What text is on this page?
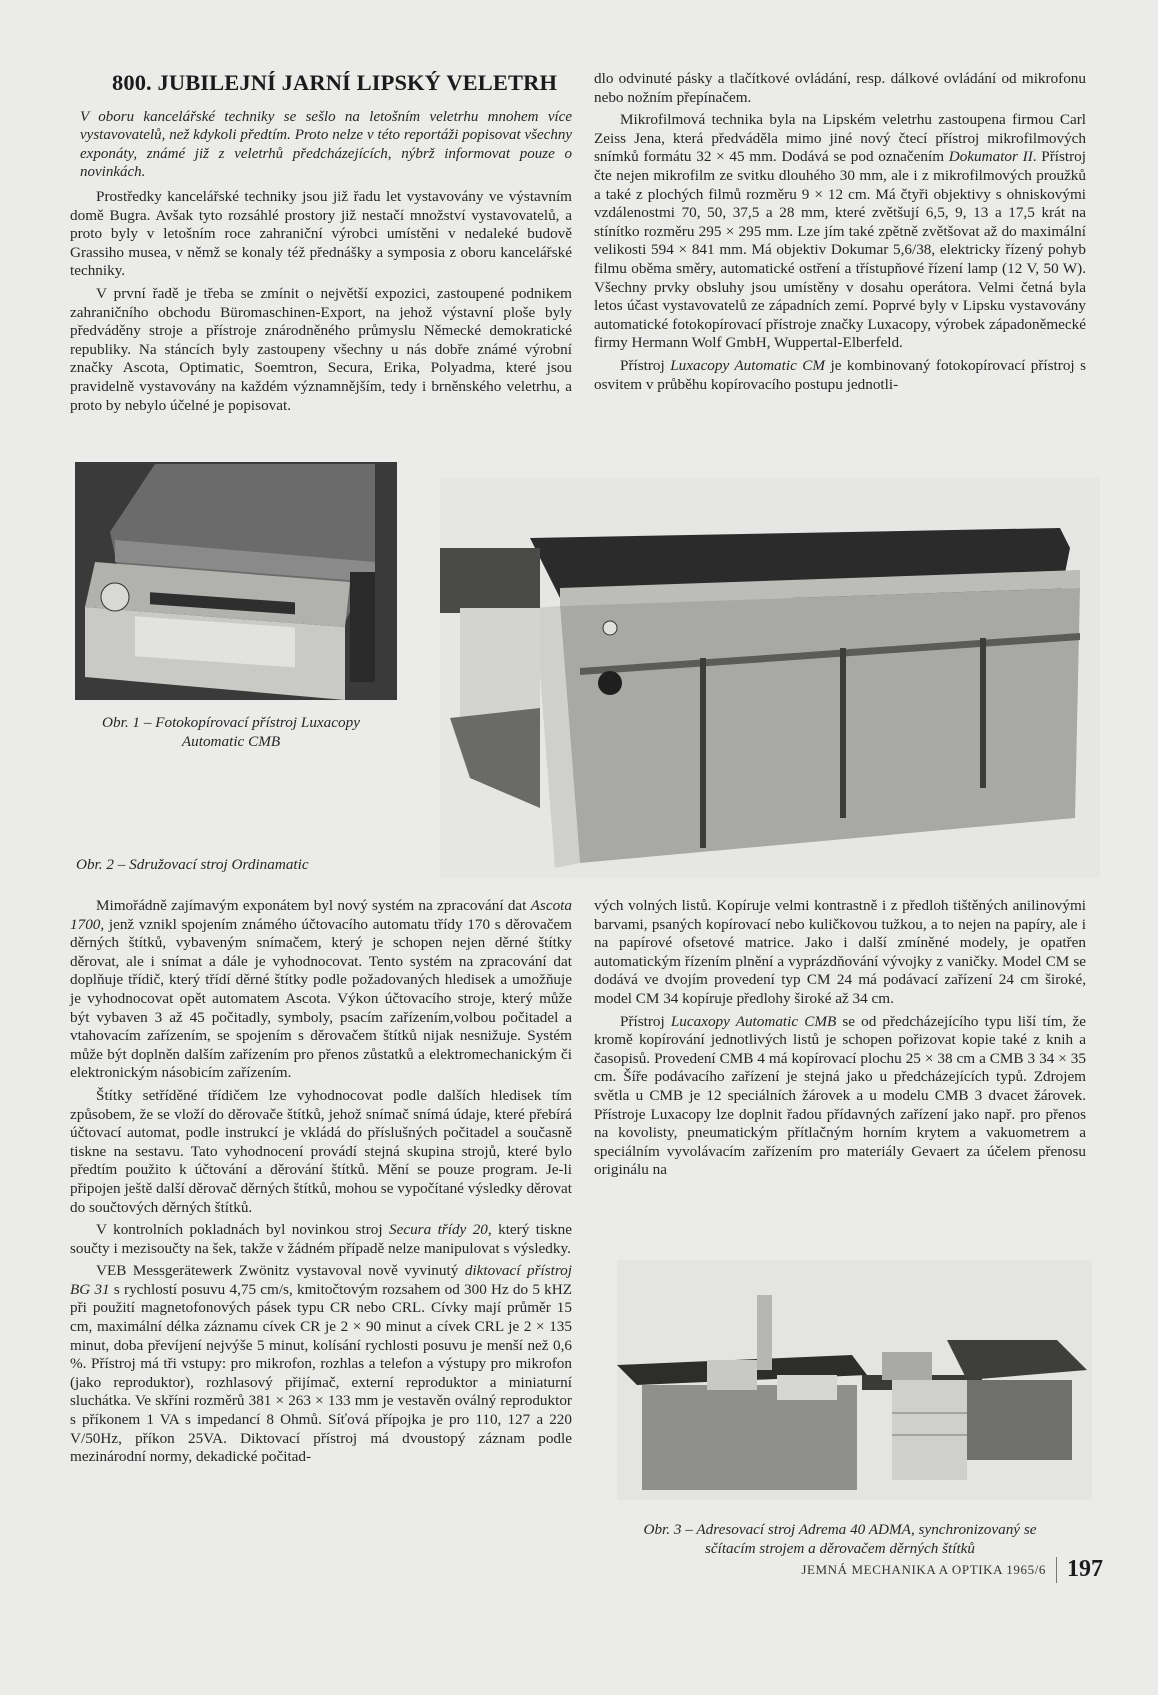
800. JUBILEJNÍ JARNÍ LIPSKÝ VELETRH
V oboru kancelářské techniky se sešlo na letošním veletrhu mnohem více vystavovatelů, než kdykoli předtím. Proto nelze v této reportáži popisovat všechny exponáty, známé již z veletrhů předcházejících, nýbrž informovat pouze o novinkách.

Prostředky kancelářské techniky jsou již řadu let vystavovány ve výstavním domě Bugra. Avšak tyto rozsáhlé prostory již nestačí množství vystavovatelů, a proto byly v letošním roce zahraniční výrobci umístěni v nedaleké budově Grassiho musea, v němž se konaly též přednášky a symposia z oboru kancelářské techniky.

V první řadě je třeba se zmínit o největší expozici, zastoupené podnikem zahraničního obchodu Büromaschinen-Export, na jehož výstavní ploše byly předváděny stroje a přístroje znárodněného průmyslu Německé demokratické republiky. Na stáncích byly zastoupeny všechny u nás dobře známé výrobní značky Ascota, Optimatic, Soemtron, Secura, Erika, Polyadma, které jsou pravidelně vystavovány na každém významnějším, tedy i brněnského veletrhu, a proto by nebylo účelné je popisovat.

dlo odvinuté pásky a tlačítkové ovládání, resp. dálkové ovládání od mikrofonu nebo nožním přepínačem.

Mikrofilmová technika byla na Lipském veletrhu zastoupena firmou Carl Zeiss Jena, která předváděla mimo jiné nový čtecí přístroj mikrofilmových snímků formátu 32 × 45 mm. Dodává se pod označením Dokumator II. Přístroj čte nejen mikrofilm ze svitku dlouhého 30 mm, ale i z mikrofilmových proužků a také z plochých filmů rozměru 9 × 12 cm. Má čtyři objektivy s ohniskovými vzdálenostmi 70, 50, 37,5 a 28 mm, které zvětšují 6,5, 9, 13 a 17,5 krát na stínítko rozměru 295 × 295 mm. Lze jím také zpětně zvětšovat až do maximální velikosti 594 × 841 mm. Má objektiv Dokumar 5,6/38, elektricky řízený pohyb filmu oběma směry, automatické ostření a třístupňové řízení lamp (12 V, 50 W). Všechny prvky obsluhy jsou umístěny v dosahu operátora. Velmi četná byla letos účast vystavovatelů ze západních zemí. Poprvé byly v Lipsku vystavovány automatické fotokopírovací přístroje značky Luxacopy, výrobek západoněmecké firmy Hermann Wolf GmbH, Wuppertal-Elberfeld.

Přístroj Luxacopy Automatic CM je kombinovaný fotokopírovací přístroj s osvitem v průběhu kopírovacího postupu jednotli-

Obr. 1 – Fotokopírovací přístroj Luxacopy
Automatic CMB
Obr. 2 – Sdružovací stroj Ordinamatic

Mimořádně zajímavým exponátem byl nový systém na zpracování dat Ascota 1700, jenž vznikl spojením známého účtovacího automatu třídy 170 s děrovačem děrných štítků, vybaveným snímačem, který je schopen nejen děrné štítky děrovat, ale i snímat a dále je vyhodnocovat. Tento systém na zpracování dat doplňuje třídič, který třídí děrné štítky podle požadovaných hledisek a umožňuje je vyhodnocovat opět automatem Ascota. Výkon účtovacího stroje, který může být vybaven 3 až 45 počitadly, symboly, psacím zařízením,volbou počitadel a vtahovacím zařízením, se spojením s děrovačem štítků nijak nesnižuje. Systém může být doplněn dalším zařízením pro přenos zůstatků a elektromechanickým či elektronickým násobicím zařízením.

Štítky setříděné třídičem lze vyhodnocovat podle dalších hledisek tím způsobem, že se vloží do děrovače štítků, jehož snímač snímá údaje, které přebírá účtovací automat, podle instrukcí je vkládá do příslušných počitadel a současně tiskne na sestavu. Tato vyhodnocení provádí stejná skupina strojů, které bylo předtím použito k účtování a děrování štítků. Mění se pouze program. Je-li připojen ještě další děrovač děrných štítků, mohou se vypočítané výsledky děrovat do součtových děrných štítků.

V kontrolních pokladnách byl novinkou stroj Secura třídy 20, který tiskne součty i mezisoučty na šek, takže v žádném případě nelze manipulovat s výsledky.

VEB Messgerätewerk Zwönitz vystavoval nově vyvinutý diktovací přístroj BG 31 s rychlostí posuvu 4,75 cm/s, kmitočtovým rozsahem od 300 Hz do 5 kHZ při použití magnetofonových pásek typu CR nebo CRL. Cívky mají průměr 15 cm, maximální délka záznamu cívek CR je 2 × 90 minut a cívek CRL je 2 × 135 minut, doba převíjení nejvýše 5 minut, kolísání rychlosti posuvu je menší než 0,6 %. Přístroj má tři vstupy: pro mikrofon, rozhlas a telefon a výstupy pro mikrofon (jako reproduktor), rozhlasový přijímač, externí reproduktor a miniaturní sluchátka. Ve skříni rozměrů 381 × 263 × 133 mm je vestavěn oválný reproduktor s příkonem 1 VA s impedancí 8 Ohmů. Síťová přípojka je pro 110, 127 a 220 V/50Hz, příkon 25VA. Diktovací přístroj má dvoustopý záznam podle mezinárodní normy, dekadické počitad-

vých volných listů. Kopíruje velmi kontrastně i z předloh tištěných anilinovými barvami, psaných kopírovací nebo kuličkovou tužkou, a to nejen na papíry, ale i na papírové ofsetové matrice. Jako i další zmíněné modely, je opatřen automatickým řízením plnění a vyprázdňování vývojky z vaničky. Model CM se dodává ve dvojím provedení typ CM 24 má podávací zařízení 24 cm široké, model CM 34 kopíruje předlohy široké až 34 cm.

Přístroj Lucaxopy Automatic CMB se od předcházejícího typu liší tím, že kromě kopírování jednotlivých listů je schopen pořizovat kopie také z knih a časopisů. Provedení CMB 4 má kopírovací plochu 25 × 38 cm a CMB 3 34 × 35 cm. Šíře podávacího zařízení je stejná jako u předcházejících typů. Zdrojem světla u CMB je 12 speciálních žárovek a u modelu CMB 3 dvacet žárovek. Přístroje Luxacopy lze doplnit řadou přídavných zařízení jako např. pro přenos na kovolisty, pneumatickým přítlačným horním krytem a vakuometrem a speciálním vyvolávacím zařízením pro materiály Gevaert za účelem přenosu originálu na

Obr. 3 – Adresovací stroj Adrema 40 ADMA, synchronizovaný se
sčítacím strojem a děrovačem děrných štítků
JEMNÁ MECHANIKA A OPTIKA 1965/6 197
